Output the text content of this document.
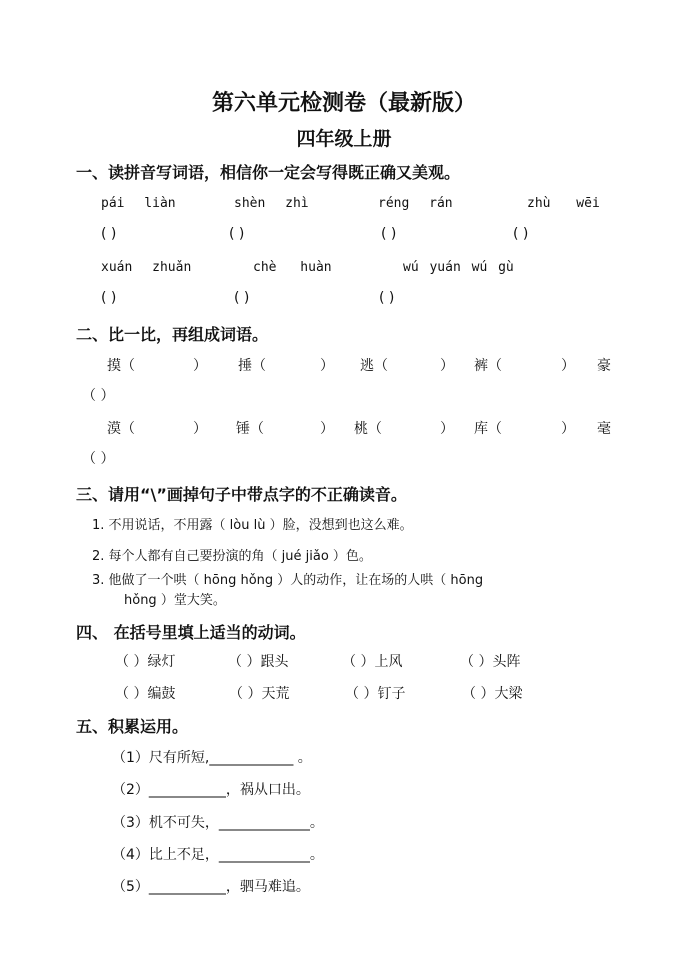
第六单元检测卷（最新版）
四年级上册
一、读拼音写词语，相信你一定会写得既正确又美观。
pái liàn	shèn zhì	réng rán	zhù wēi
( )	( )	( )	( )
xuán zhuǎn	chè huàn	wú yuán wú gù
( )	( )	( )
二、比一比，再组成词语。
摸（	） 捶（	） 逃（	） 裤（	） 豪
（ ）
漠（	） 锤（	） 桃（	） 库（	） 毫
（ ）
三、请用“\”画掉句子中带点字的不正确读音。
1. 不用说话，不用露（ lòu lù ）脸，没想到也这么难。
2. 每个人都有自己要扮演的角（ jué jiǎo ）色。
3. 他做了一个哄（ hōng hǒng ）人的动作，让在场的人哄（ hōng
hǒng ）堂大笑。
四、 在括号里填上适当的动词。
（ ）绿灯	（ ）跟头	（ ）上风	（ ）头阵
（ ）编鼓	（ ）天荒	（ ）钉子	（ ）大梁
五、积累运用。
（1）尺有所短,____________ 。
（2）___________，祸从口出。
（3）机不可失，_____________。
（4）比上不足，_____________。
（5）___________，驷马难追。
